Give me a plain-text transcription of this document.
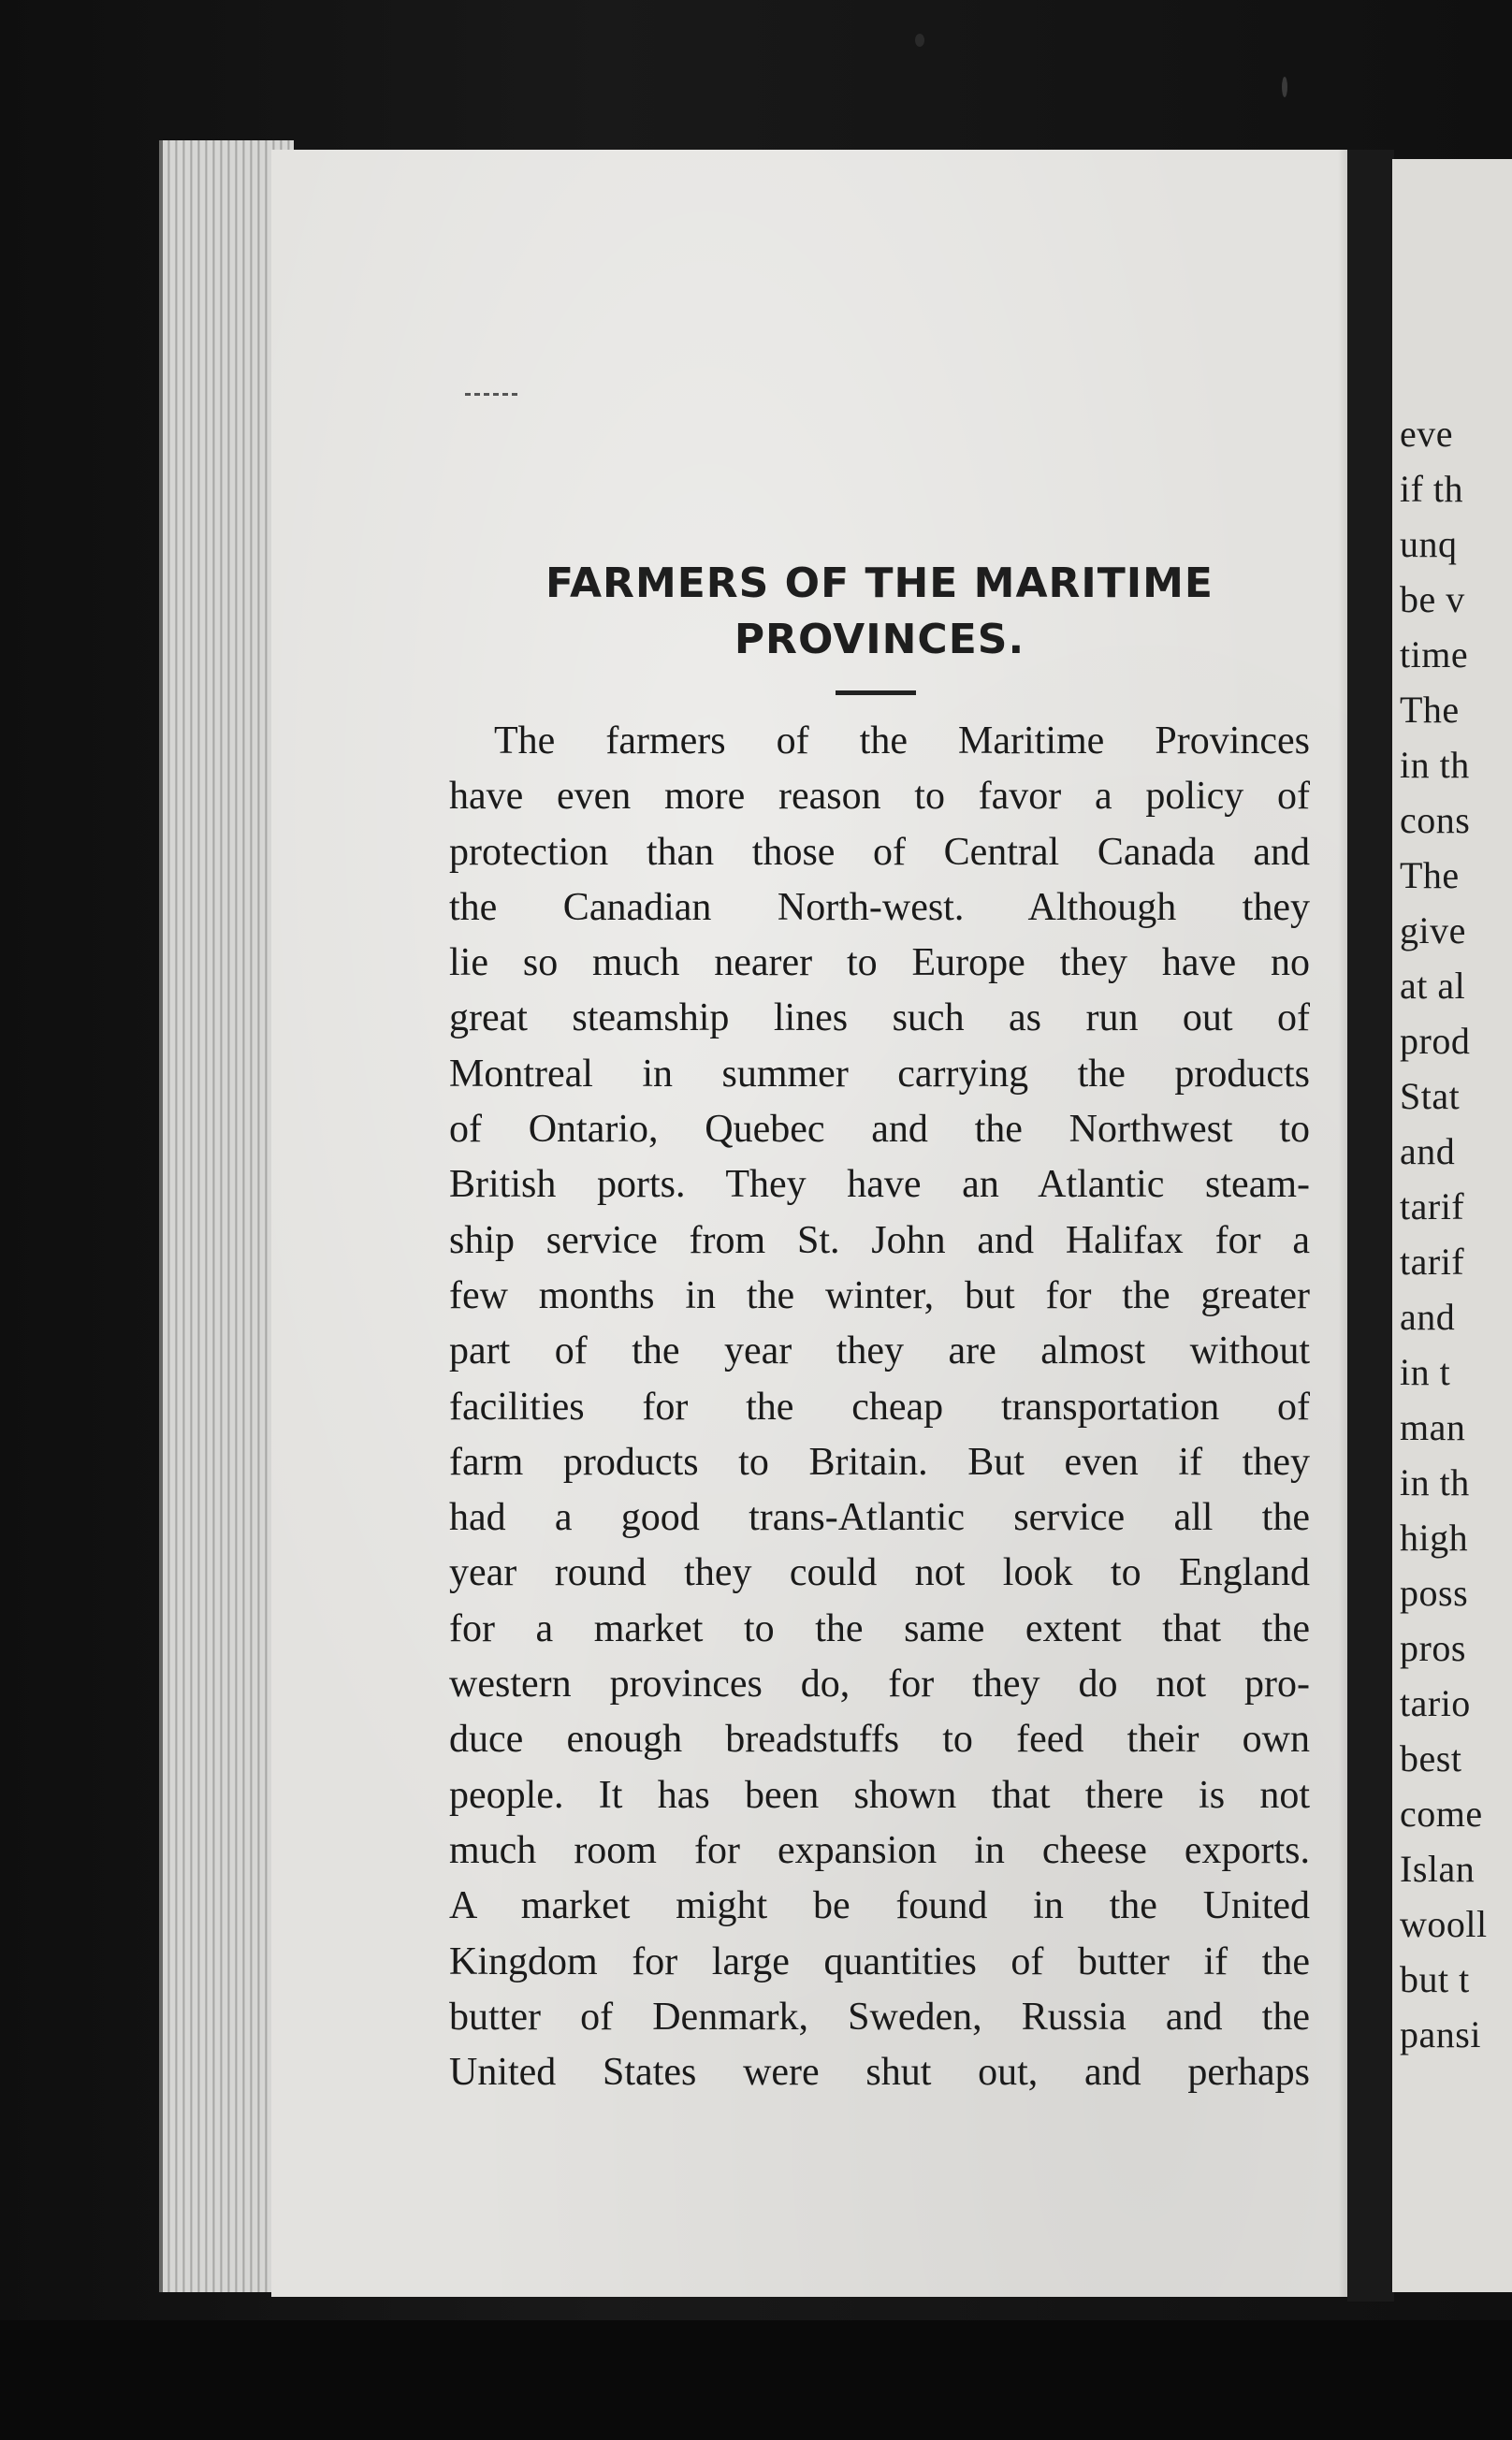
FARMERS OF THE MARITIME
PROVINCES.
The farmers of the Maritime Provinces
have even more reason to favor a policy of
protection than those of Central Canada and
the Canadian North-west. Although they
lie so much nearer to Europe they have no
great steamship lines such as run out of
Montreal in summer carrying the products
of Ontario, Quebec and the Northwest to
British ports. They have an Atlantic steam-
ship service from St. John and Halifax for a
few months in the winter, but for the greater
part of the year they are almost without
facilities for the cheap transportation of
farm products to Britain. But even if they
had a good trans-Atlantic service all the
year round they could not look to England
for a market to the same extent that the
western provinces do, for they do not pro-
duce enough breadstuffs to feed their own
people. It has been shown that there is not
much room for expansion in cheese exports.
A market might be found in the United
Kingdom for large quantities of butter if the
butter of Denmark, Sweden, Russia and the
United States were shut out, and perhaps

eve

if th

unq

be v

time

The

in th

cons

The

give

at al

prod

Stat

and

tarif

tarif

and

in t

man

in th

high

poss

pros

tario

best

come

Islan

wooll

but t

pansi
